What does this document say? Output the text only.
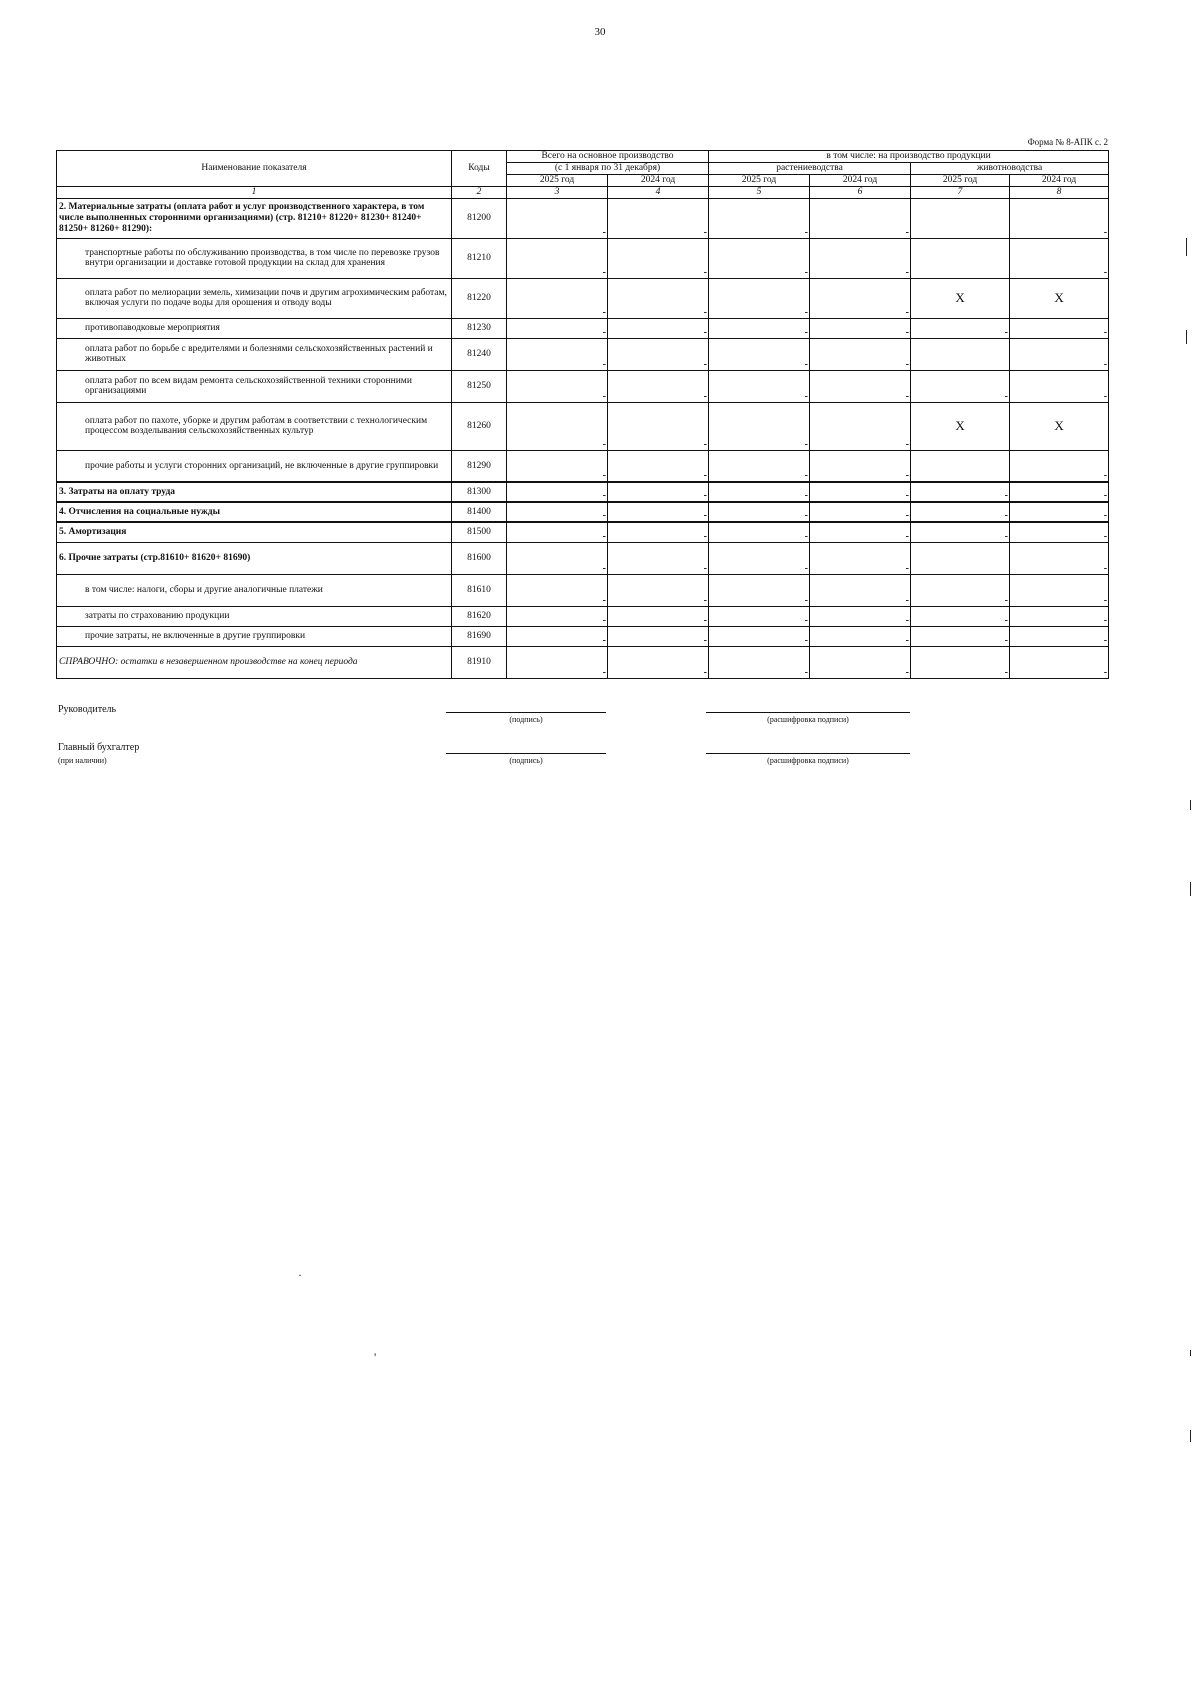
30
Форма № 8-АПК с. 2
Наименование показателя	Коды	Всего на основное производство		в том числе: на производство продукции			
		(с 1 января по 31 декабря)		растениеводства		животноводства	
		2025 год	2024 год	2025 год	2024 год	2025 год	2024 год
1	2	3	4	5	6	7	8
2. Материальные затраты (оплата работ и услуг производственного характера, в том числе выполненных сторонними организациями) (стр. 81210+ 81220+ 81230+ 81240+ 81250+ 81260+ 81290):	81200	-	-	-	-		-

транспортные работы по обслуживанию производства, в том числе по перевозке грузов внутри организации и доставке готовой продукции на склад для хранения	81210	-	-	-	-		-

оплата работ по мелиорации земель, химизации почв и другим агрохимическим работам, включая услуги по подаче воды для орошения и отводу воды	81220	-	-	-	-	X	X

противопаводковые мероприятия	81230	-	-	-	-	-	-

оплата работ по борьбе с вредителями и болезнями сельскохозяйственных растений и животных	81240	-	-	-	-		-

оплата работ по всем видам ремонта сельскохозяйственной техники сторонними организациями	81250	-	-	-	-	-	-

оплата работ по пахоте, уборке и другим работам в соответствии с технологическим процессом возделывания сельскохозяйственных культур	81260	-	-	-	-	X	X

прочие работы и услуги сторонних организаций, не включенные в другие группировки	81290	-	-	-	-		-

3. Затраты на оплату труда	81300	-	-	-	-	-	-

4. Отчисления на социальные нужды	81400	-	-	-	-	-	-

5. Амортизация	81500	-	-	-	-	-	-

6. Прочие затраты (стр.81610+ 81620+ 81690)	81600	-	-	-	-		-

в том числе: налоги, сборы и другие аналогичные платежи	81610	-	-	-	-	-	-

затраты по страхованию продукции	81620	-	-	-	-	-	-

прочие затраты, не включенные в другие группировки	81690	-	-	-	-	-	-

СПРАВОЧНО: остатки в незавершенном производстве на конец периода	81910	-	-	-	-	-	-
Руководитель
(подпись)	(расшифровка подписи)
Главный бухгалтер
(при наличии)	(подпись)	(расшифровка подписи)
·
'
